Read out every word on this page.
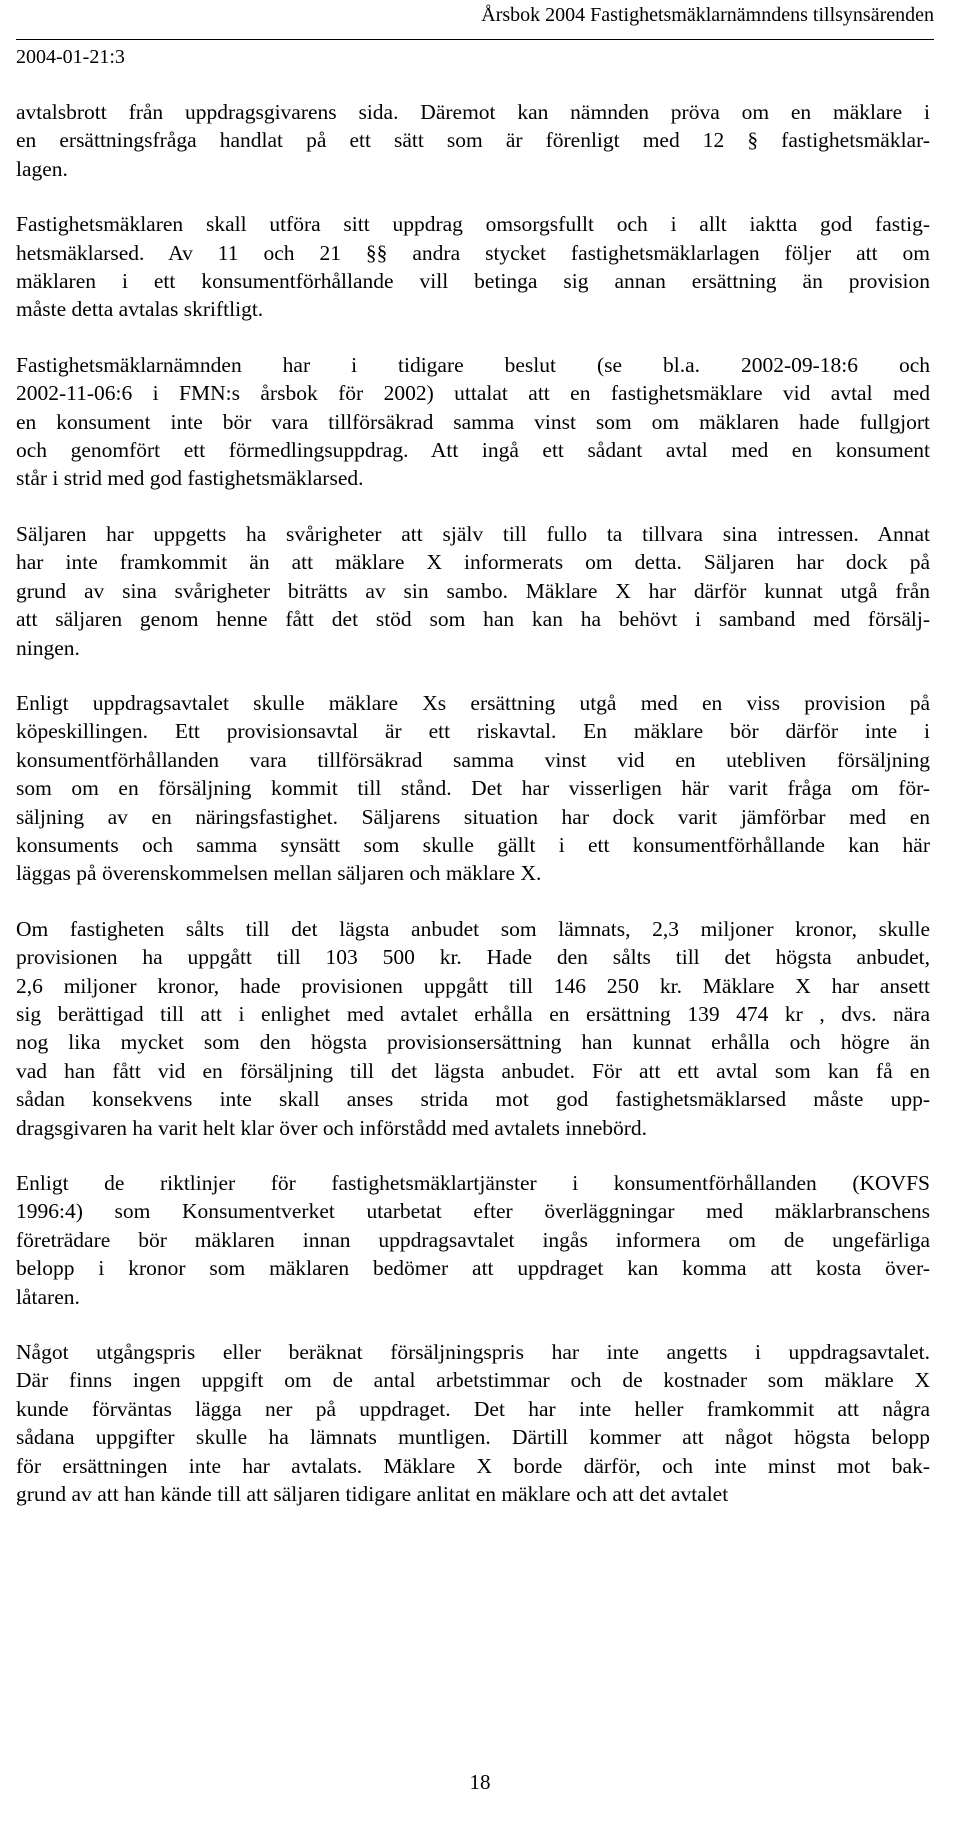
Årsbok 2004 Fastighetsmäklarnämndens tillsynsärenden
2004-01-21:3
avtalsbrott från uppdragsgivarens sida. Däremot kan nämnden pröva om en mäklare i
en ersättningsfråga handlat på ett sätt som är förenligt med 12 § fastighetsmäklar-
lagen.
Fastighetsmäklaren skall utföra sitt uppdrag omsorgsfullt och i allt iaktta god fastig-
hetsmäklarsed. Av 11 och 21 §§ andra stycket fastighetsmäklarlagen följer att om
mäklaren i ett konsumentförhållande vill betinga sig annan ersättning än provision
måste detta avtalas skriftligt.
Fastighetsmäklarnämnden har i tidigare beslut (se bl.a. 2002-09-18:6 och
2002-11-06:6 i FMN:s årsbok för 2002) uttalat att en fastighetsmäklare vid avtal med
en konsument inte bör vara tillförsäkrad samma vinst som om mäklaren hade fullgjort
och genomfört ett förmedlingsuppdrag. Att ingå ett sådant avtal med en konsument
står i strid med god fastighetsmäklarsed.
Säljaren har uppgetts ha svårigheter att själv till fullo ta tillvara sina intressen. Annat
har inte framkommit än att mäklare X informerats om detta. Säljaren har dock på
grund av sina svårigheter biträtts av sin sambo. Mäklare X har därför kunnat utgå från
att säljaren genom henne fått det stöd som han kan ha behövt i samband med försälj-
ningen.
Enligt uppdragsavtalet skulle mäklare Xs ersättning utgå med en viss provision på
köpeskillingen. Ett provisionsavtal är ett riskavtal. En mäklare bör därför inte i
konsumentförhållanden vara tillförsäkrad samma vinst vid en utebliven försäljning
som om en försäljning kommit till stånd. Det har visserligen här varit fråga om för-
säljning av en näringsfastighet. Säljarens situation har dock varit jämförbar med en
konsuments och samma synsätt som skulle gällt i ett konsumentförhållande kan här
läggas på överenskommelsen mellan säljaren och mäklare X.
Om fastigheten sålts till det lägsta anbudet som lämnats, 2,3 miljoner kronor, skulle
provisionen ha uppgått till 103 500 kr. Hade den sålts till det högsta anbudet,
2,6 miljoner kronor, hade provisionen uppgått till 146 250 kr. Mäklare X har ansett
sig berättigad till att i enlighet med avtalet erhålla en ersättning 139 474 kr , dvs. nära
nog lika mycket som den högsta provisionsersättning han kunnat erhålla och högre än
vad han fått vid en försäljning till det lägsta anbudet. För att ett avtal som kan få en
sådan konsekvens inte skall anses strida mot god fastighetsmäklarsed måste upp-
dragsgivaren ha varit helt klar över och införstådd med avtalets innebörd.
Enligt de riktlinjer för fastighetsmäklartjänster i konsumentförhållanden (KOVFS
1996:4) som Konsumentverket utarbetat efter överläggningar med mäklarbranschens
företrädare bör mäklaren innan uppdragsavtalet ingås informera om de ungefärliga
belopp i kronor som mäklaren bedömer att uppdraget kan komma att kosta över-
låtaren.
Något utgångspris eller beräknat försäljningspris har inte angetts i uppdragsavtalet.
Där finns ingen uppgift om de antal arbetstimmar och de kostnader som mäklare X
kunde förväntas lägga ner på uppdraget. Det har inte heller framkommit att några
sådana uppgifter skulle ha lämnats muntligen. Därtill kommer att något högsta belopp
för ersättningen inte har avtalats. Mäklare X borde därför, och inte minst mot bak-
grund av att han kände till att säljaren tidigare anlitat en mäklare och att det avtalet
18
